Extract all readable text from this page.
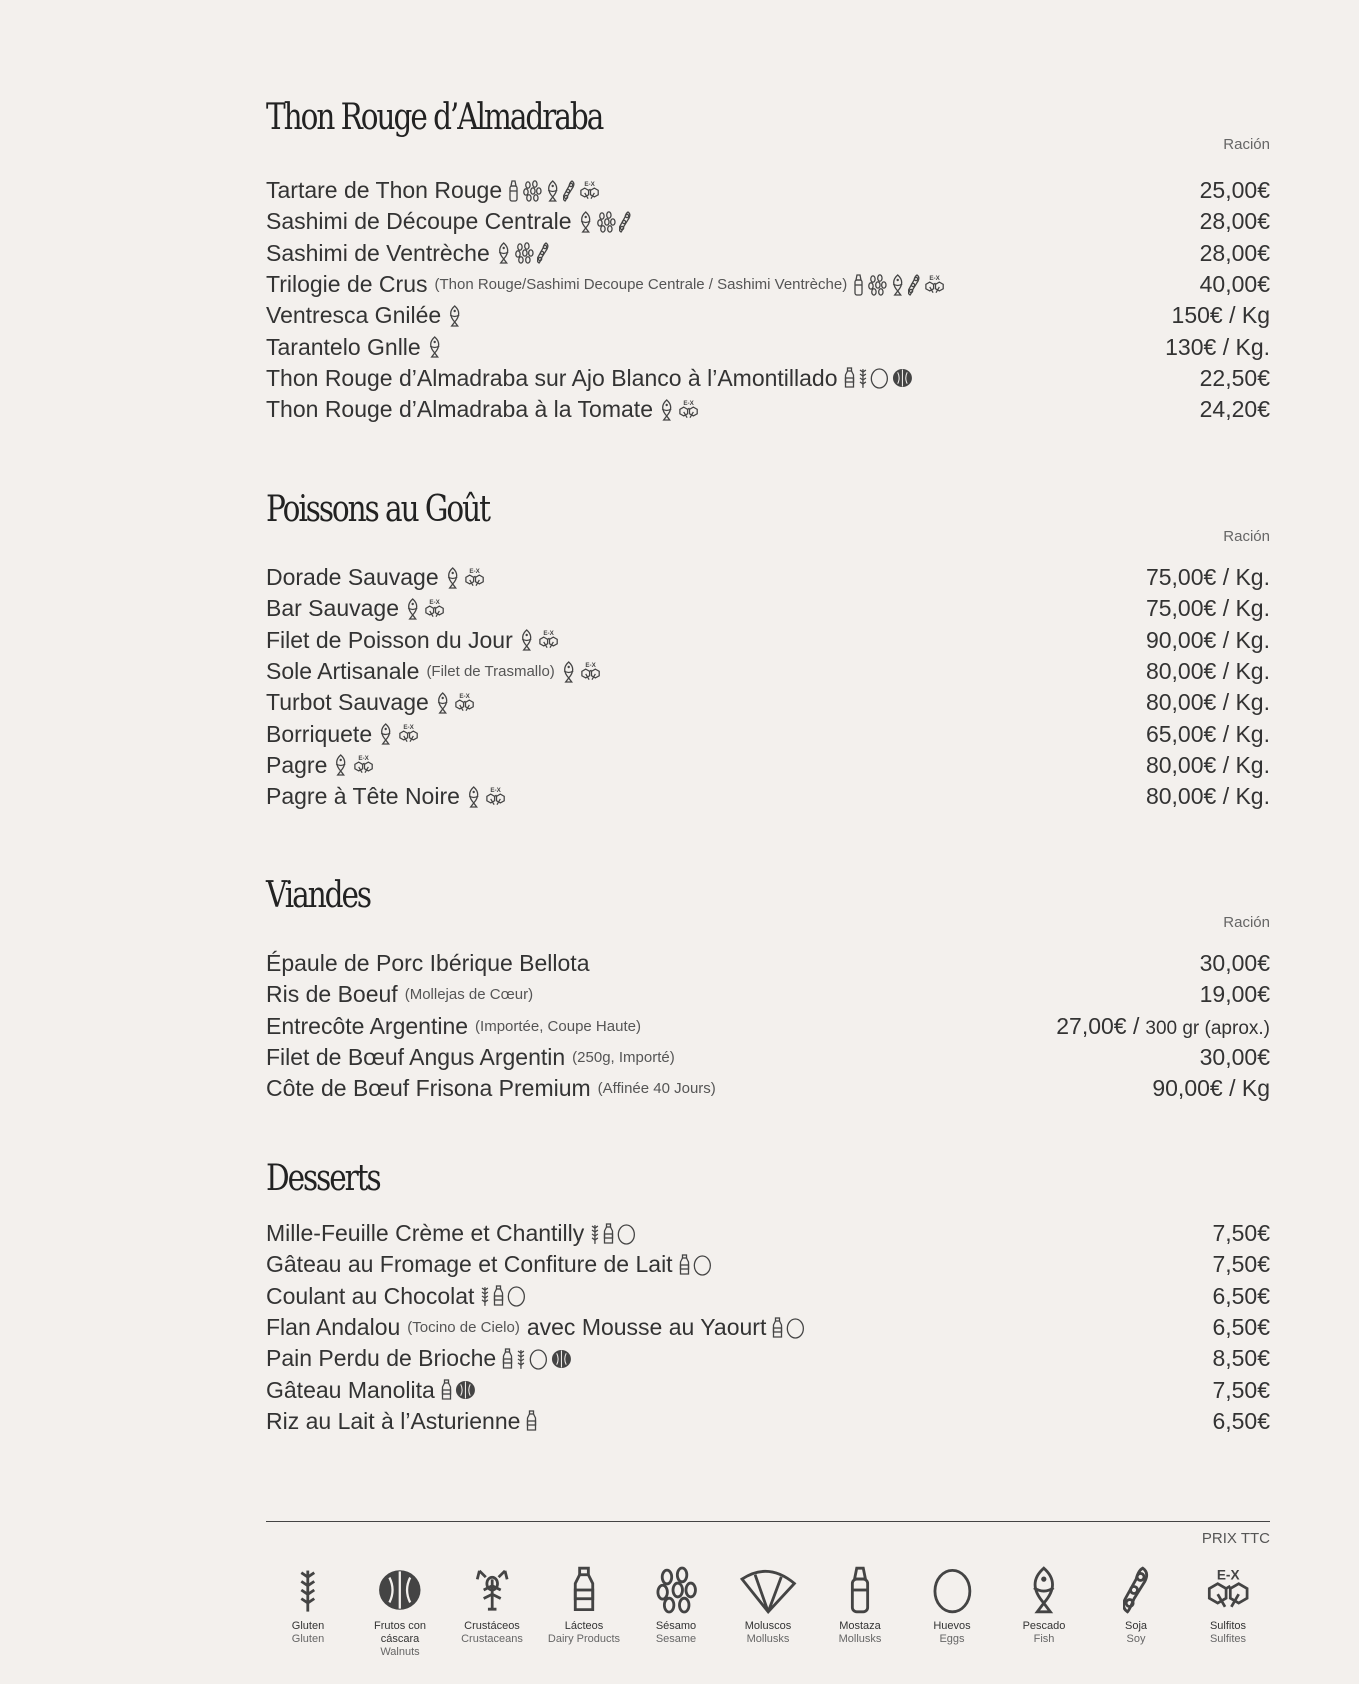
Thon Rouge d’Almadraba
Ración
Tartare de Thon Rouge	E-X	25,00€
Sashimi de Découpe Centrale	28,00€
Sashimi de Ventrèche	28,00€
Trilogie de Crus (Thon Rouge/Sashimi Decoupe Centrale / Sashimi Ventrèche)	E-X	40,00€
Ventresca Gnilée	150€ / Kg
Tarantelo Gnlle	130€ / Kg.
Thon Rouge d’Almadraba sur Ajo Blanco à l’Amontillado	22,50€
Thon Rouge d’Almadraba à la Tomate	E-X	24,20€
Poissons au Goût
Ración
Dorade Sauvage	E-X	75,00€ / Kg.
Bar Sauvage	E-X	75,00€ / Kg.
Filet de Poisson du Jour	E-X	90,00€ / Kg.
Sole Artisanale (Filet de Trasmallo)	E-X	80,00€ / Kg.
Turbot Sauvage	E-X	80,00€ / Kg.
Borriquete	E-X	65,00€ / Kg.
Pagre	E-X	80,00€ / Kg.
Pagre à Tête Noire	E-X	80,00€ / Kg.
Viandes
Ración
Épaule de Porc Ibérique Bellota	30,00€
Ris de Boeuf (Mollejas de Cœur)	19,00€
Entrecôte Argentine (Importée, Coupe Haute)	27,00€ / 300 gr (aprox.)
Filet de Bœuf Angus Argentin (250g, Importé)	30,00€
Côte de Bœuf Frisona Premium (Affinée 40 Jours)	90,00€ / Kg
Desserts
Mille-Feuille Crème et Chantilly	7,50€
Gâteau au Fromage et Confiture de Lait	7,50€
Coulant au Chocolat	6,50€
Flan Andalou (Tocino de Cielo) avec Mousse au Yaourt	6,50€
Pain Perdu de Brioche	8,50€
Gâteau Manolita	7,50€
Riz au Lait à l’Asturienne	6,50€
PRIX TTC
Gluten
Gluten
Frutos con cáscara
Walnuts
Crustáceos
Crustaceans
Lácteos
Dairy Products
Sésamo
Sesame
Moluscos
Mollusks
Mostaza
Mollusks
Huevos
Eggs
Pescado
Fish
Soja
Soy
E-X
Sulfitos
Sulfites
